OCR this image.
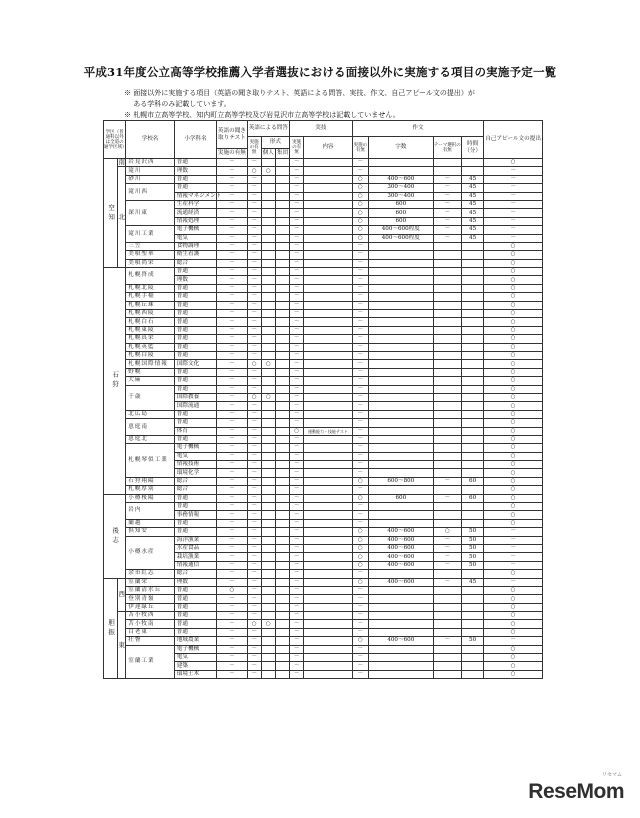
平成31年度公立高等学校推薦入学者選抜における面接以外に実施する項目の実施予定一覧
※ 面接以外に実施する項目（英語の聞き取りテスト、英語による問答、実技、作文、自己アピール文の提出）が
　 ある学科のみ記載しています。
※ 札幌市立高等学校、知内町立高等学校及び岩見沢市立高等学校は記載していません。
学区（普通科以外は全道の通学区域）		学校名	小学科名	英語の聞き取りテスト	英語による問答			実技		作文				自己アピール文の提出
					実施の有無	形式		実施の有無	内容	実施の有無	字数	テーマ選択の有無	時間（分）	
				実施の有無		個人	集団							
空知	南	岩見沢西	普通	－	－			－		－				○
	北	滝川	理数	－	○	○		－		－				－
		砂川	普通	－	－			－		○	400〜600	－	45	－
		滝川西	普通	－	－			－		○	300〜400	－	45	－
			情報マネジメント	－	－			－		○	300〜400	－	45	－
		深川東	生産科学	－	－			－		○	600	－	45	－
			流通経済	－	－			－		○	600	－	45	－
			情報処理	－	－			－		○	600	－	45	－
		滝川工業	電子機械	－	－			－		○	400〜600程度	－	45	－
			電気	－	－			－		○	400〜600程度	－	45	－
		三笠	食物調理	－	－			－		－				○
		美唄聖華	衛生看護	－	－			－		－				○
		美唄尚栄	総合	－	－			－		－				○
石狩		札幌啓成	普通	－	－			－		－				○
			理数	－	－			－		－				○
		札幌北陵	普通	－	－			－		－				○
		札幌手稲	普通	－	－			－		－				○
		札幌丘珠	普通	－	－			－		－				○
		札幌西陵	普通	－	－			－		－				○
		札幌白石	普通	－	－			－		－				○
		札幌東陵	普通	－	－			－		－				○
		札幌真栄	普通	－	－			－		－				○
		札幌英藍	普通	－	－			－		－				○
		札幌白陵	普通	－	－			－		－				○
		札幌国際情報	国際文化	－	○	○		－		－				○
		野幌	普通	－	－			－		－				○
		大麻	普通	－	－			－		－				○
		千歳	普通	－	－			－		－				○
			国際教養	－	○	○		－		－				○
			国際流通	－	－			－		－				○
		北広島	普通	－	－			－		－				○
		恵庭南	普通	－	－			－		－				○
			体育	－	－			○	運動能力・技能テスト	－				○
		恵庭北	普通	－	－			－		－				○
		札幌琴似工業	電子機械	－	－			－		－				○
			電気	－	－			－		－				○
			情報技術	－	－			－		－				○
			環境化学	－	－			－		－				○
		石狩翔陽	総合	－	－			－		○	600〜800	－	60	○
		札幌厚別	総合	－	－			－		－				○
後志		小樽桜陽	普通	－	－			－		○	600	－	60	○
		岩内	普通	－	－			－		－				○
			事務情報	－	－			－		－				○
		蘭越	普通	－	－			－		－				○
		倶知安	普通	－	－			－		○	400〜600	○	50	－
		小樽水産	海洋漁業	－	－			－		○	400〜600	－	50	－
			水産食品	－	－			－		○	400〜600	－	50	－
			栽培漁業	－	－			－		○	400〜600	－	50	－
			情報通信	－	－			－		○	400〜600	－	50	－
		余市紅志	総合	－	－			－		－				○
胆振	西	室蘭栄	理数	－	－			－		○	400〜600	－	45	－
		室蘭清水丘	普通	○	－			－		－				○
		登別青嶺	普通	－	－			－		－				○
		伊達緑丘	普通	－	－			－		－				○
	東	苫小牧西	普通	－	－			－		－				○
		苫小牧南	普通	－	○	○		－		－				○
		白老東	普通	－	－			－		－				○
		壮瞥	地域農業	－	－			－		○	400〜600	－	50	－
		室蘭工業	電子機械	－	－			－		－				○
			電気	－	－			－		－				○
			建築	－	－			－		－				○
			環境土木	－	－			－		－				○
リセマム
ReseMom
